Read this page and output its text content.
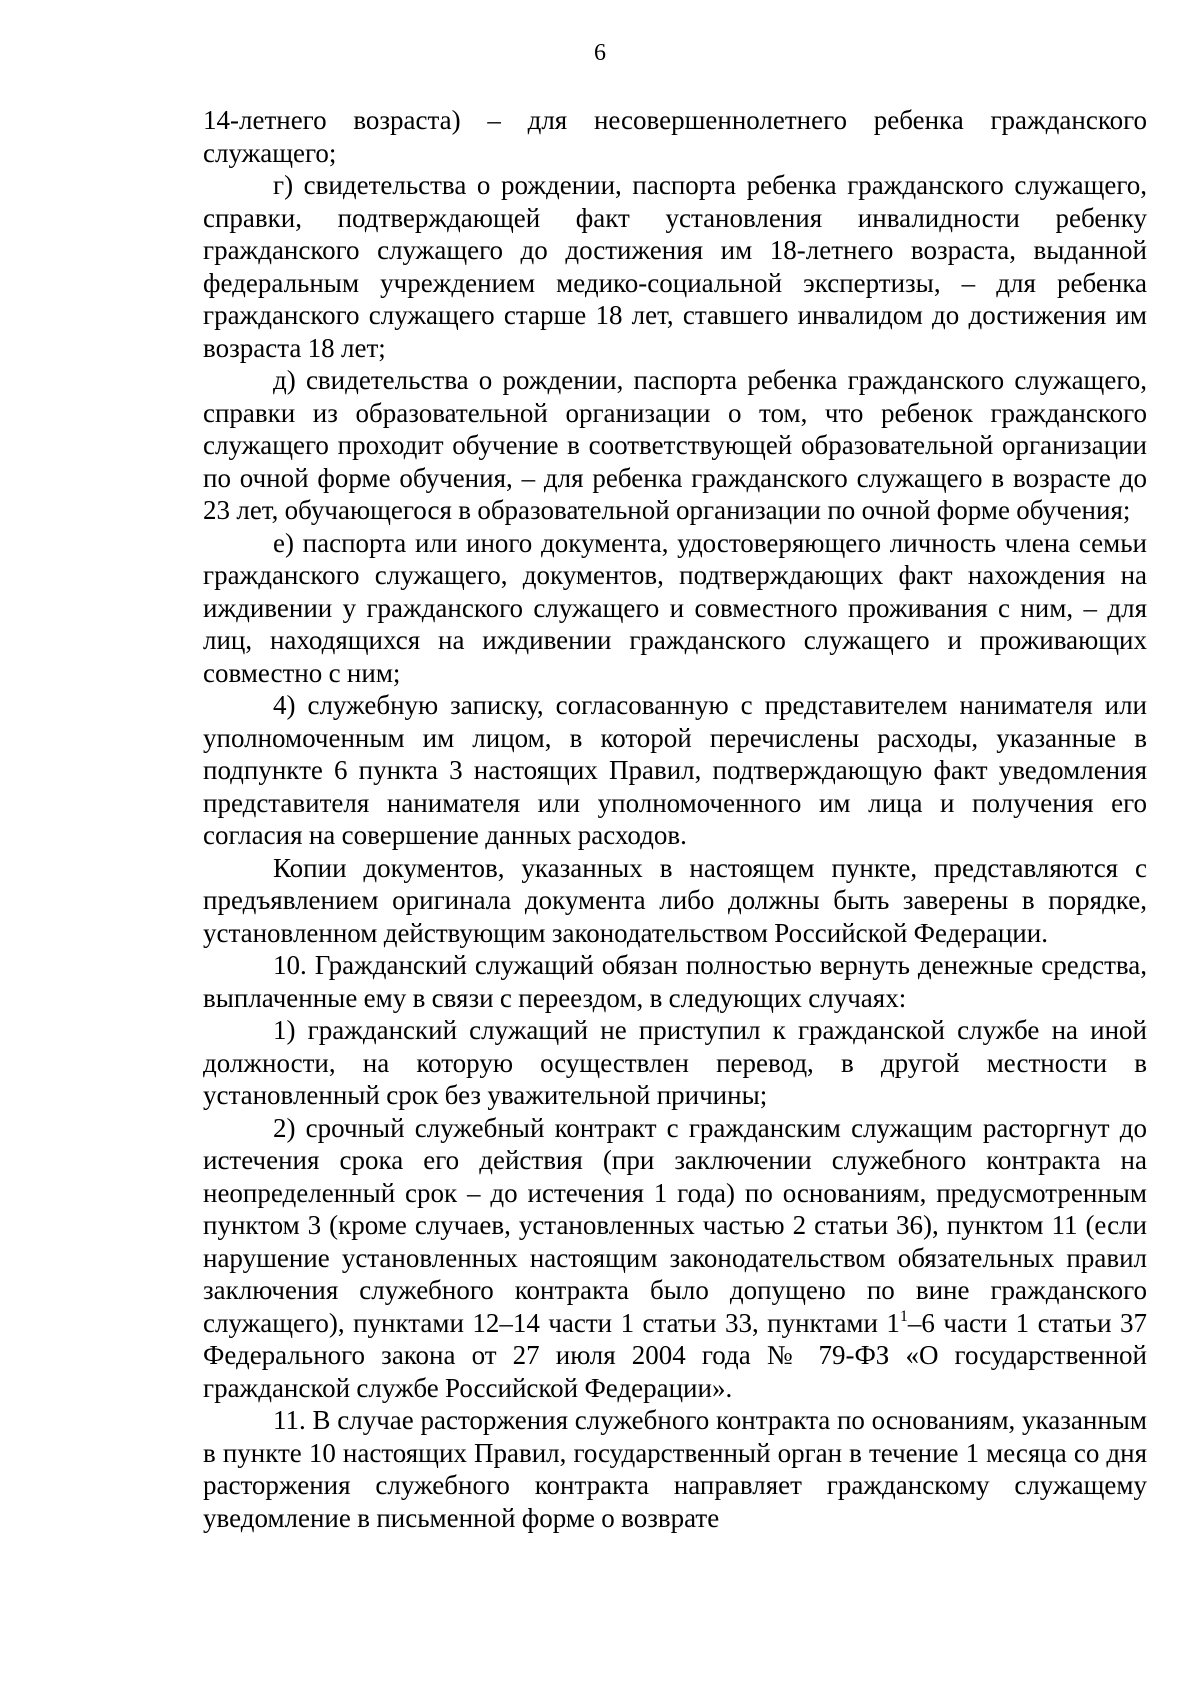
6

14-летнего возраста) – для несовершеннолетнего ребенка гражданского служащего;

г) свидетельства о рождении, паспорта ребенка гражданского служащего, справки, подтверждающей факт установления инвалидности ребенку гражданского служащего до достижения им 18-летнего возраста, выданной федеральным учреждением медико-социальной экспертизы, – для ребенка гражданского служащего старше 18 лет, ставшего инвалидом до достижения им возраста 18 лет;

д) свидетельства о рождении, паспорта ребенка гражданского служащего, справки из образовательной организации о том, что ребенок гражданского служащего проходит обучение в соответствующей образовательной организации по очной форме обучения, – для ребенка гражданского служащего в возрасте до 23 лет, обучающегося в образовательной организации по очной форме обучения;

е) паспорта или иного документа, удостоверяющего личность члена семьи гражданского служащего, документов, подтверждающих факт нахождения на иждивении у гражданского служащего и совместного проживания с ним, – для лиц, находящихся на иждивении гражданского служащего и проживающих совместно с ним;

4) служебную записку, согласованную с представителем нанимателя или уполномоченным им лицом, в которой перечислены расходы, указанные в подпункте 6 пункта 3 настоящих Правил, подтверждающую факт уведомления представителя нанимателя или уполномоченного им лица и получения его согласия на совершение данных расходов.

Копии документов, указанных в настоящем пункте, представляются с предъявлением оригинала документа либо должны быть заверены в порядке, установленном действующим законодательством Российской Федерации.

10. Гражданский служащий обязан полностью вернуть денежные средства, выплаченные ему в связи с переездом, в следующих случаях:

1) гражданский служащий не приступил к гражданской службе на иной должности, на которую осуществлен перевод, в другой местности в установленный срок без уважительной причины;

2) срочный служебный контракт с гражданским служащим расторгнут до истечения срока его действия (при заключении служебного контракта на неопределенный срок – до истечения 1 года) по основаниям, предусмотренным пунктом 3 (кроме случаев, установленных частью 2 статьи 36), пунктом 11 (если нарушение установленных настоящим законодательством обязательных правил заключения служебного контракта было допущено по вине гражданского служащего), пунктами 12–14 части 1 статьи 33, пунктами $1^1-6$ части 1 статьи 37 Федерального закона от 27 июля 2004 года № 79-ФЗ «О государственной гражданской службе Российской Федерации».

11. В случае расторжения служебного контракта по основаниям, указанным в пункте 10 настоящих Правил, государственный орган в течение 1 месяца со дня расторжения служебного контракта направляет гражданскому служащему уведомление в письменной форме о возврате
